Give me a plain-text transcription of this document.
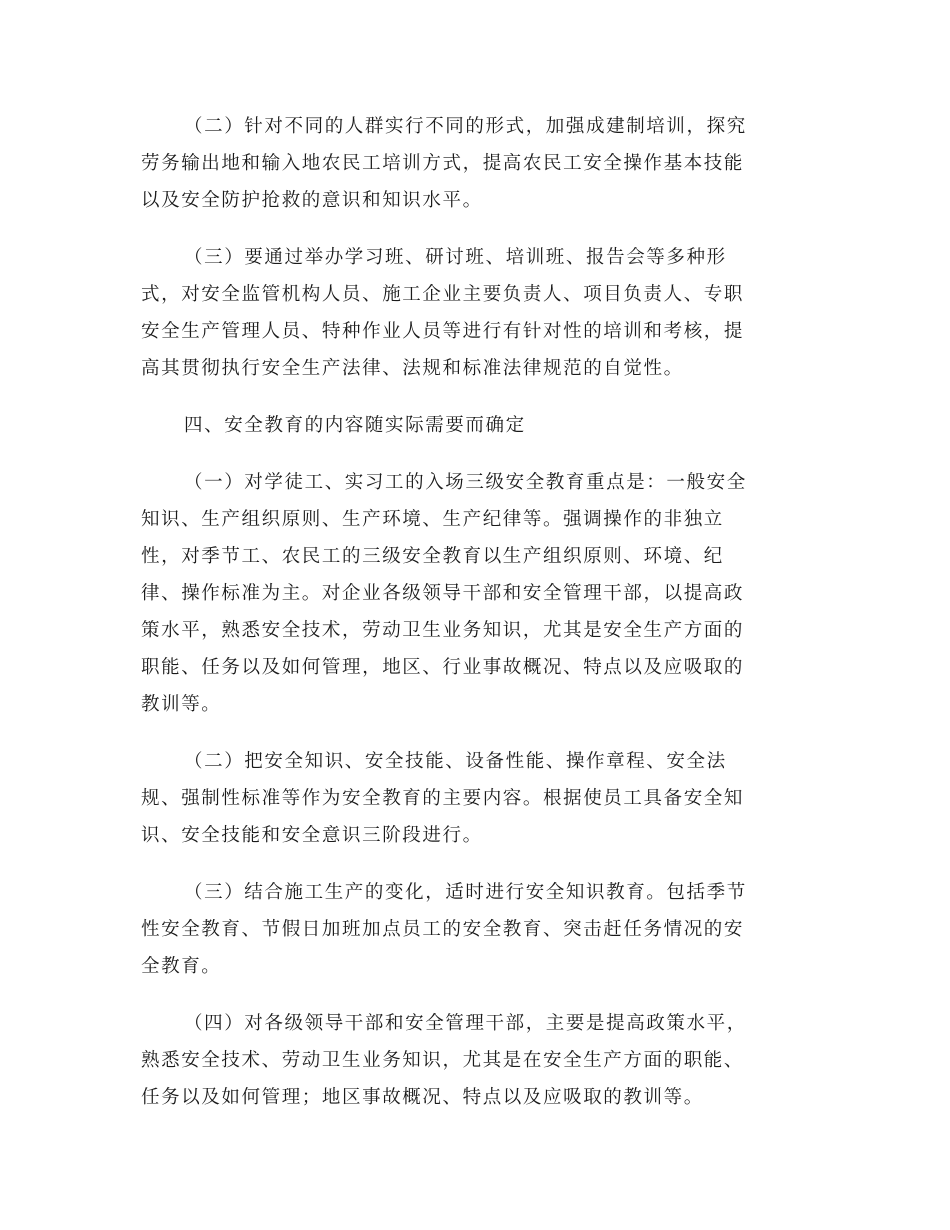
（二）针对不同的人群实行不同的形式，加强成建制培训，探究
劳务输出地和输入地农民工培训方式，提高农民工安全操作基本技能
以及安全防护抢救的意识和知识水平。

（三）要通过举办学习班、研讨班、培训班、报告会等多种形
式，对安全监管机构人员、施工企业主要负责人、项目负责人、专职
安全生产管理人员、特种作业人员等进行有针对性的培训和考核，提
高其贯彻执行安全生产法律、法规和标准法律规范的自觉性。

四、安全教育的内容随实际需要而确定

（一）对学徒工、实习工的入场三级安全教育重点是：一般安全
知识、生产组织原则、生产环境、生产纪律等。强调操作的非独立
性，对季节工、农民工的三级安全教育以生产组织原则、环境、纪
律、操作标准为主。对企业各级领导干部和安全管理干部，以提高政
策水平，熟悉安全技术，劳动卫生业务知识，尤其是安全生产方面的
职能、任务以及如何管理，地区、行业事故概况、特点以及应吸取的
教训等。

（二）把安全知识、安全技能、设备性能、操作章程、安全法
规、强制性标准等作为安全教育的主要内容。根据使员工具备安全知
识、安全技能和安全意识三阶段进行。

（三）结合施工生产的变化，适时进行安全知识教育。包括季节
性安全教育、节假日加班加点员工的安全教育、突击赶任务情况的安
全教育。

（四）对各级领导干部和安全管理干部，主要是提高政策水平，
熟悉安全技术、劳动卫生业务知识，尤其是在安全生产方面的职能、
任务以及如何管理；地区事故概况、特点以及应吸取的教训等。
